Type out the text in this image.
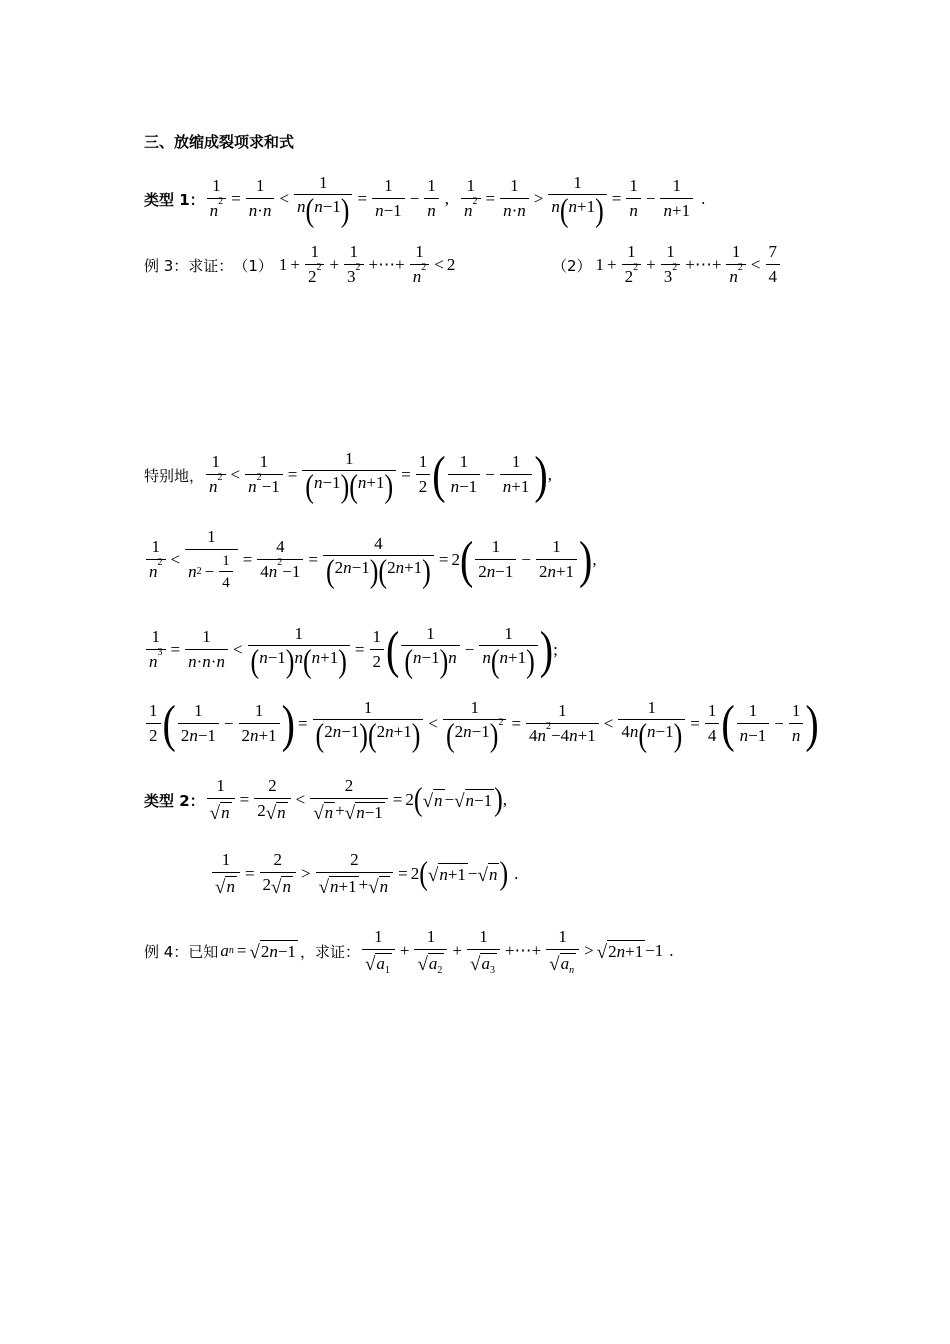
三、放缩成裂项求和式
类型 1： $\frac{1}{n 2} = \frac{1}{n \cdot n} < \frac{1}{n ( n -1 )} = \frac{1}{n -1} - \frac{1}{n}$ , $\frac{1}{n 2} = \frac{1}{n \cdot n} > \frac{1}{n ( n +1 )} = \frac{1}{n} - \frac{1}{n +1}$ .
例 3：求证： （1） $1 + \frac{1}{2 2} + \frac{1}{3 2}$ +⋯+ $\frac{1}{n 2} < 2$	（2） $1 + \frac{1}{2 2} + \frac{1}{3 2}$ +⋯+ $\frac{1}{n 2} < \frac{7}{4}$
特别地， $\frac{1}{n 2} < \frac{1}{n 2 -1} = \frac{1}{( n -1 ) ( n +1 )} = \frac{1}{2}$ ( $\frac{1}{n -1} - \frac{1}{n +1}$ ) ,
$\frac{1}{n 2} < \frac{1}{n 2 - \frac{1}{4}} = \frac{4}{4 n 2 -1} = \frac{4}{( 2 n -1 ) ( 2 n +1 )} = 2$ ( $\frac{1}{2 n -1} - \frac{1}{2 n +1}$ ) ,
$\frac{1}{n 3} = \frac{1}{n \cdot n \cdot n} < \frac{1}{( n -1 ) n ( n +1 )} = \frac{1}{2}$ ( $\frac{1}{( n -1 ) n} - \frac{1}{n ( n +1 )}$ ) ;
$\frac{1}{2}$ ( $\frac{1}{2 n -1} - \frac{1}{2 n +1}$ ) = $\frac{1}{( 2 n -1 ) ( 2 n +1 )} < \frac{1}{( 2 n -1 ) 2} = \frac{1}{4 n 2 -4 n +1} < \frac{1}{4 n ( n -1 )} = \frac{1}{4}$ ( $\frac{1}{n -1} - \frac{1}{n}$ )
类型 2： $\frac{1}{√ n} = \frac{2}{2 √ n} < \frac{2}{√ n + √ n-1} = 2$ ( √ n − √ n−1 ) ,
$\frac{1}{√ n} = \frac{2}{2 √ n} > \frac{2}{√ n+1 + √ n} = 2$ ( √ n+1 − √ n ) .
例 4：已知 a n = √ 2n−1 ，求证： $\frac{1}{√ a_1} + \frac{1}{√ a_2} + \frac{1}{√ a_3}$ +⋯+ $\frac{1}{√ a_n}$ > √ 2n+1 −1 .
